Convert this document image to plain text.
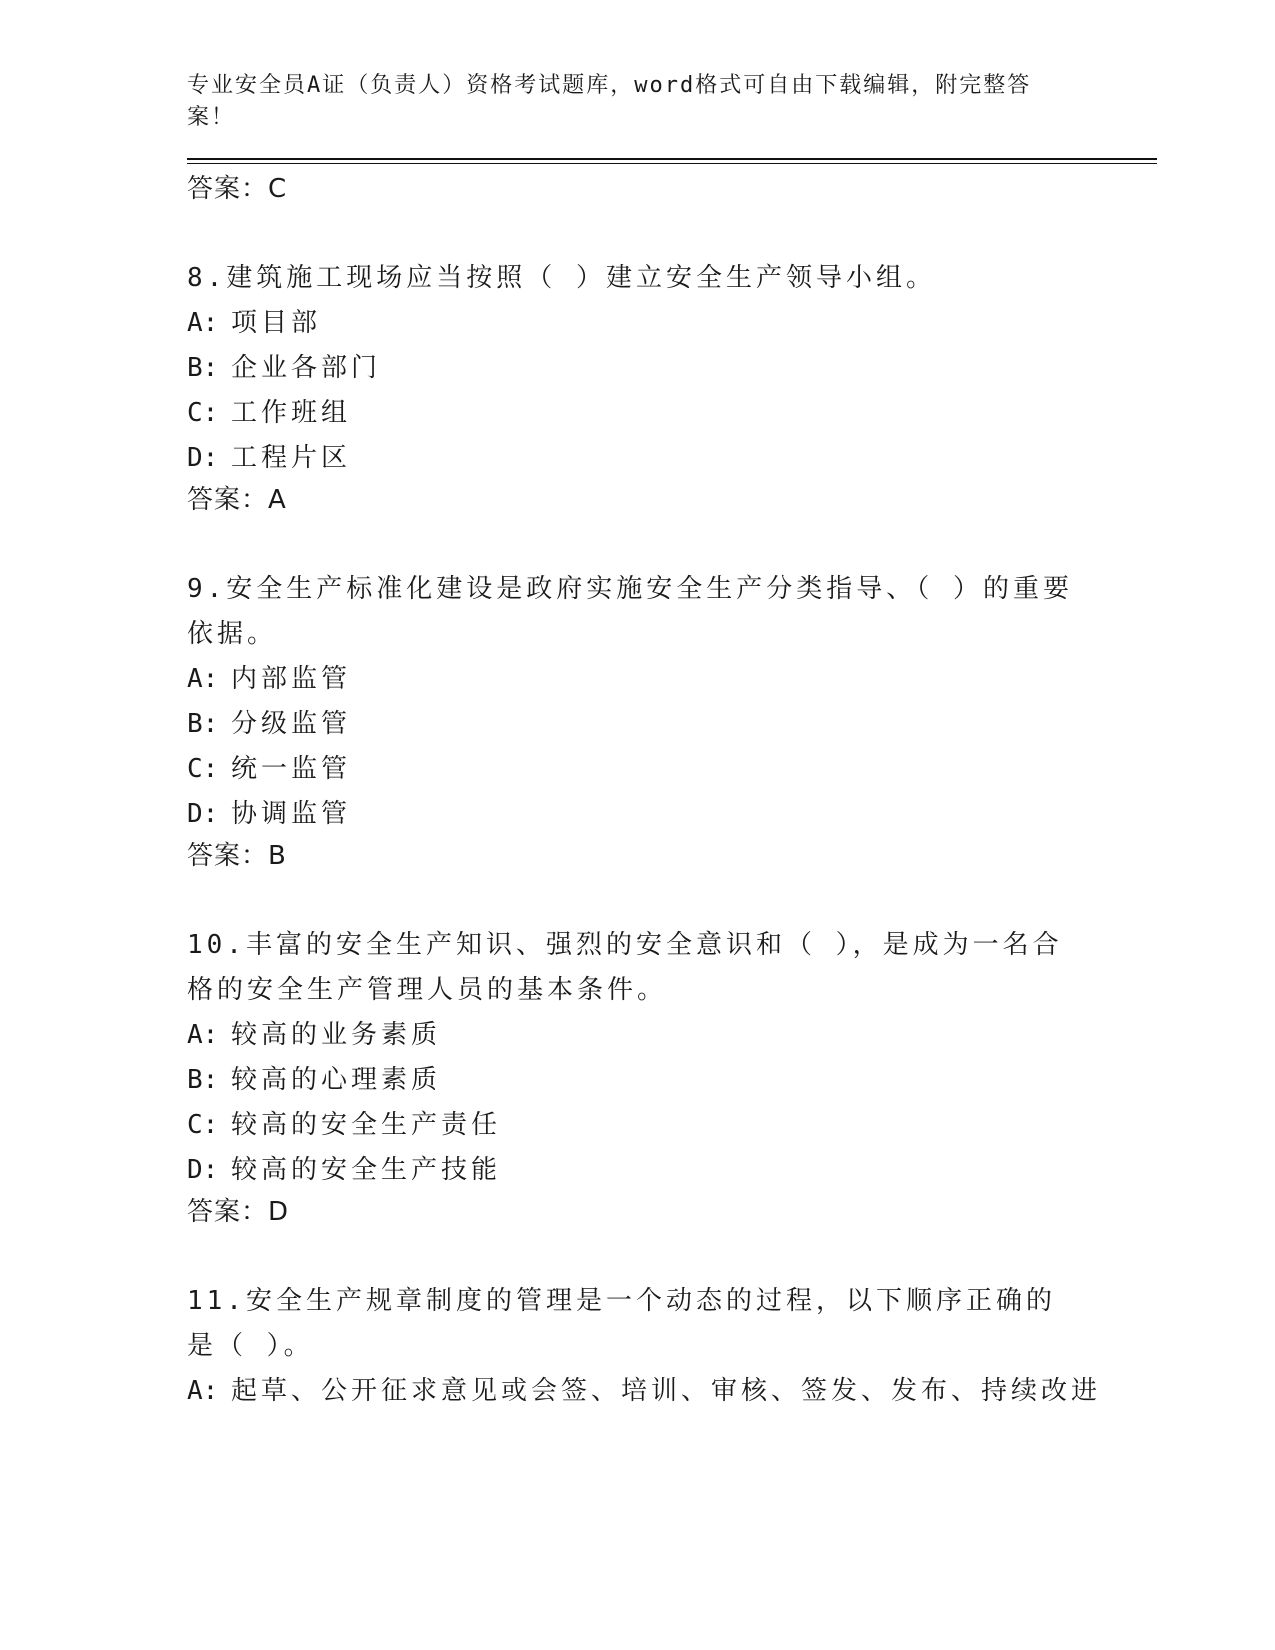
专业安全员A证（负责人）资格考试题库，word格式可自由下载编辑，附完整答案！
答案：C
8.建筑施工现场应当按照（ ）建立安全生产领导小组。
A: 项目部
B: 企业各部门
C: 工作班组
D: 工程片区
答案：A
9.安全生产标准化建设是政府实施安全生产分类指导、（ ）的重要依据。
A: 内部监管
B: 分级监管
C: 统一监管
D: 协调监管
答案：B
10.丰富的安全生产知识、强烈的安全意识和（ ），是成为一名合格的安全生产管理人员的基本条件。
A: 较高的业务素质
B: 较高的心理素质
C: 较高的安全生产责任
D: 较高的安全生产技能
答案：D
11.安全生产规章制度的管理是一个动态的过程，以下顺序正确的是（ ）。
A: 起草、公开征求意见或会签、培训、审核、签发、发布、持续改进
